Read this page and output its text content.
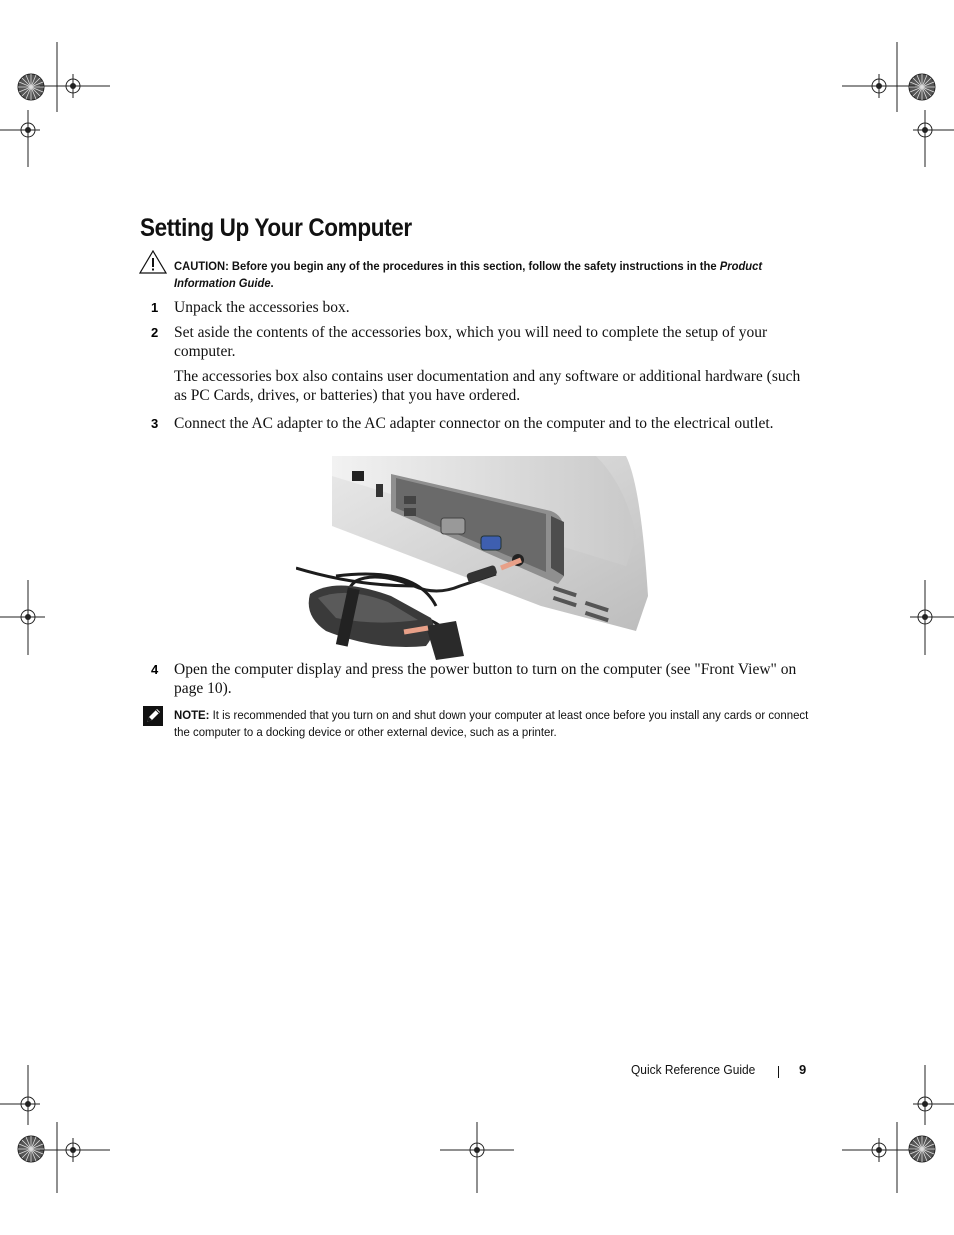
Setting Up Your Computer
CAUTION: Before you begin any of the procedures in this section, follow the safety instructions in the Product Information Guide.
1 Unpack the accessories box.
2 Set aside the contents of the accessories box, which you will need to complete the setup of your computer.
The accessories box also contains user documentation and any software or additional hardware (such as PC Cards, drives, or batteries) that you have ordered.
3 Connect the AC adapter to the AC adapter connector on the computer and to the electrical outlet.
4 Open the computer display and press the power button to turn on the computer (see "Front View" on page 10).
NOTE: It is recommended that you turn on and shut down your computer at least once before you install any cards or connect the computer to a docking device or other external device, such as a printer.
Quick Reference Guide	9
